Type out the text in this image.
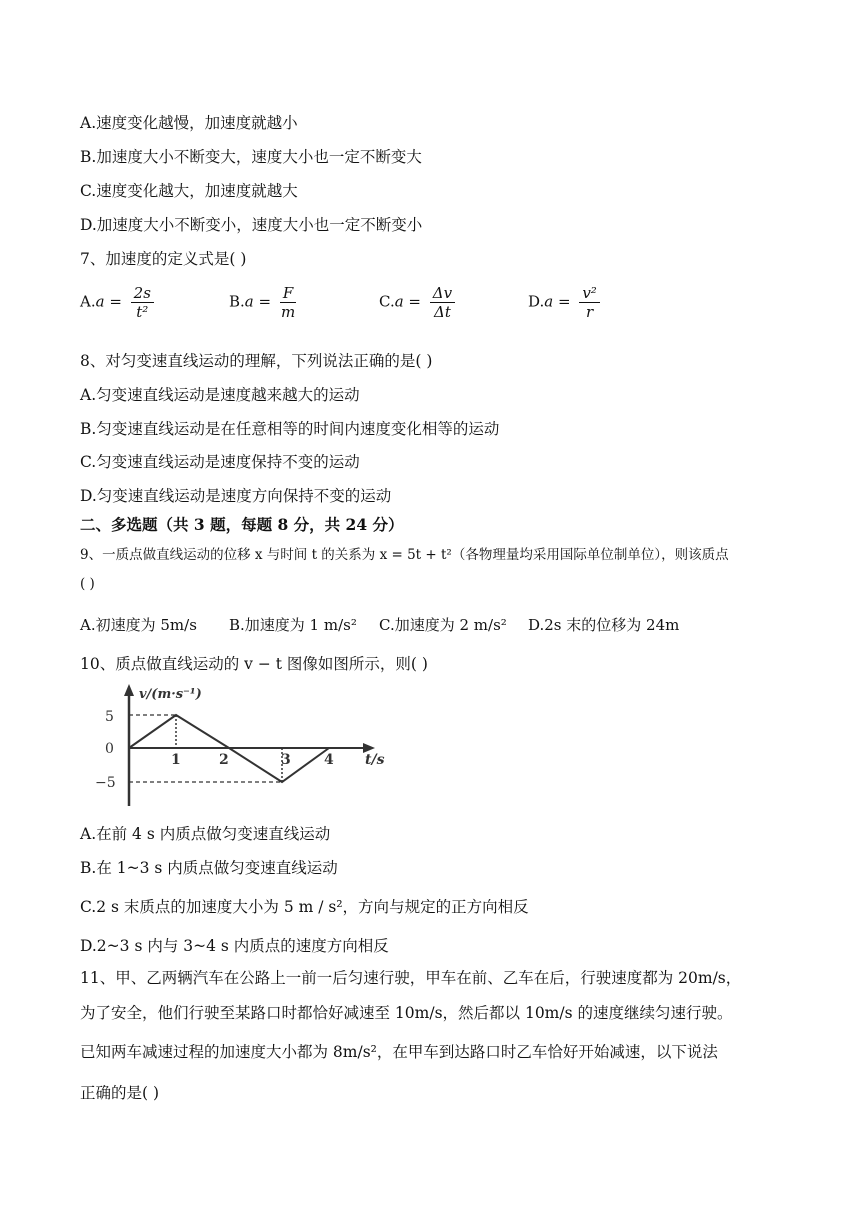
A.速度变化越慢，加速度就越小
B.加速度大小不断变大，速度大小也一定不断变大
C.速度变化越大，加速度就越大
D.加速度大小不断变小，速度大小也一定不断变小
7、加速度的定义式是( )
$A.a = \frac{2s}{\text{t²}}$	$B.a = \frac{F}{m}$	$C.a = \frac{\Delta v}{\Delta t}$	$D.a = \frac{\text{v²}}{r}$
8、对匀变速直线运动的理解，下列说法正确的是( )
A.匀变速直线运动是速度越来越大的运动
B.匀变速直线运动是在任意相等的时间内速度变化相等的运动
C.匀变速直线运动是速度保持不变的运动
D.匀变速直线运动是速度方向保持不变的运动
二、多选题（共 3 题，每题 8 分，共 24 分）
9、一质点做直线运动的位移 x 与时间 t 的关系为 x = 5t + t²（各物理量均采用国际单位制单位），则该质点
( )
A.初速度为 5m/s B.加速度为 1 m/s² C.加速度为 2 m/s² D.2s 末的位移为 24m
10、质点做直线运动的 v − t 图像如图所示，则( )
v/(m·s⁻¹)
5
0
−5
1	2	3 4 t/s
A.在前 4 s 内质点做匀变速直线运动
B.在 1~3 s 内质点做匀变速直线运动
C.2 s 末质点的加速度大小为 5 m / s²，方向与规定的正方向相反
D.2~3 s 内与 3~4 s 内质点的速度方向相反
11、甲、乙两辆汽车在公路上一前一后匀速行驶，甲车在前、乙车在后，行驶速度都为 20m/s，
为了安全，他们行驶至某路口时都恰好减速至 10m/s，然后都以 10m/s 的速度继续匀速行驶。
已知两车减速过程的加速度大小都为 8m/s²，在甲车到达路口时乙车恰好开始减速，以下说法
正确的是( )
